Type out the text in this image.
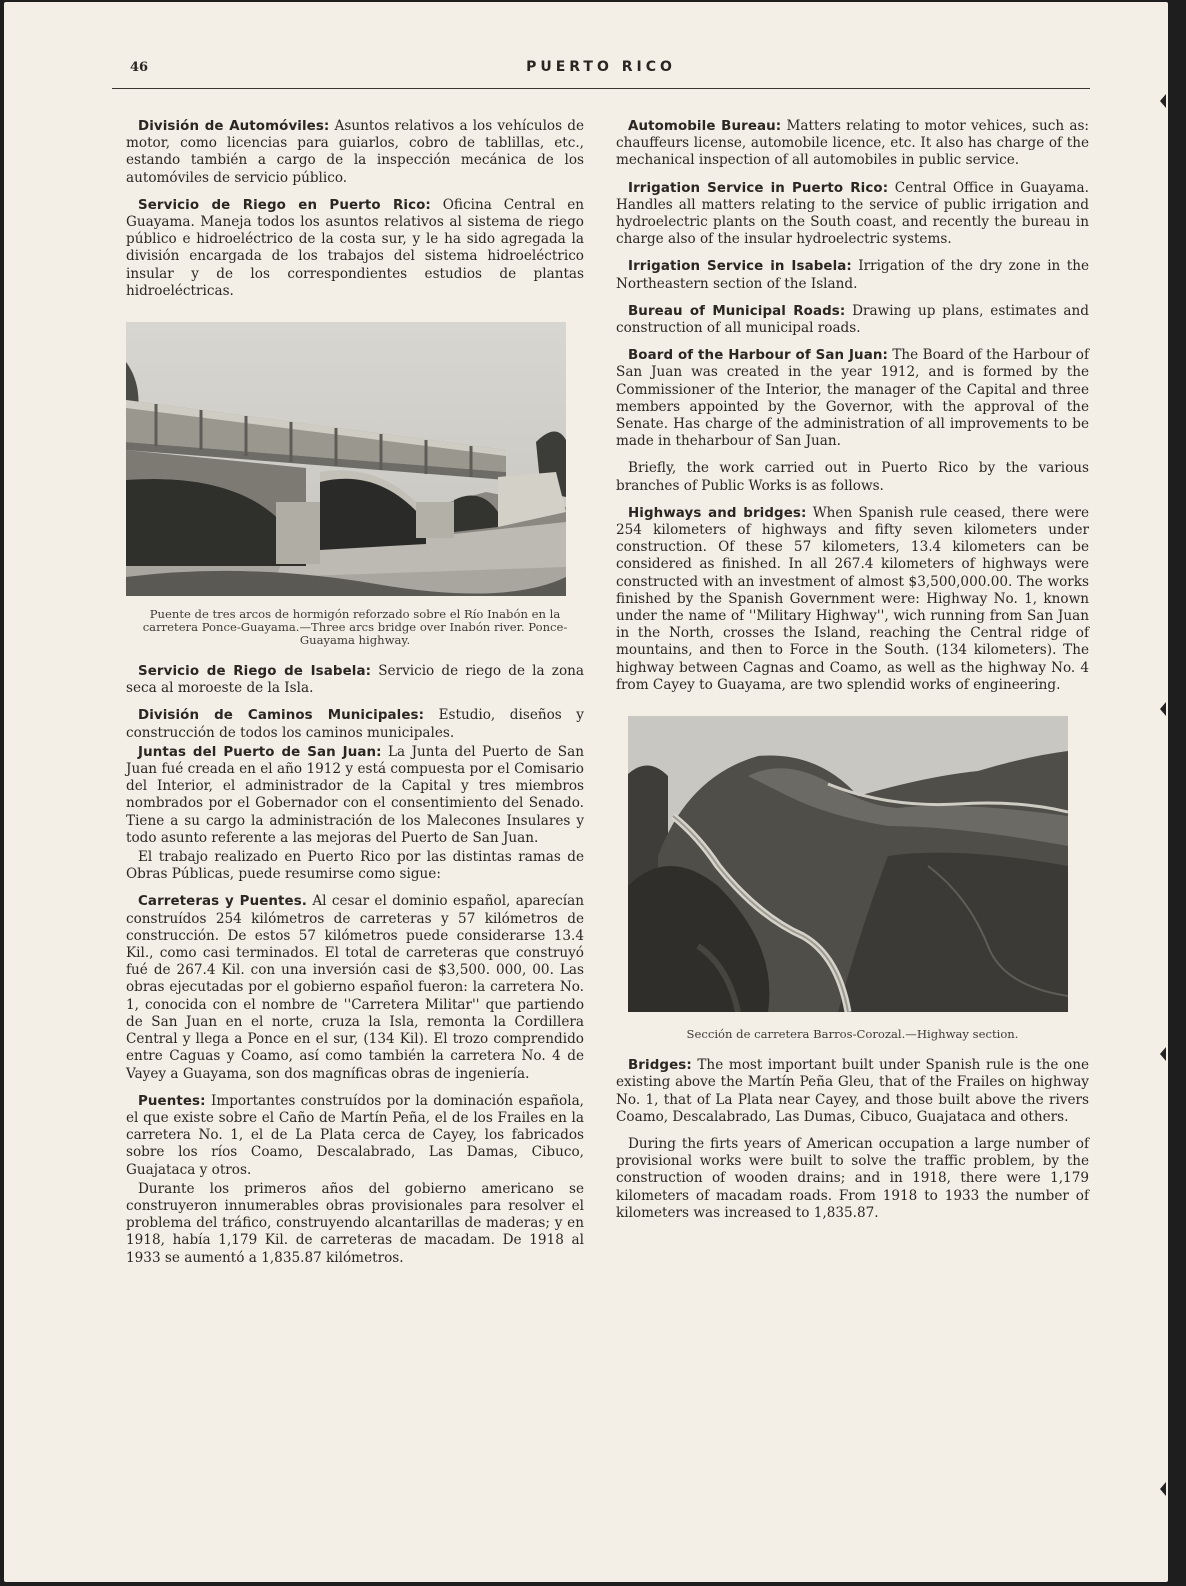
46	PUERTO RICO

División de Automóviles: Asuntos relativos a los vehículos de motor, como licencias para guiarlos, cobro de tablillas, etc., estando también a cargo de la inspección mecánica de los automóviles de servicio público.

Servicio de Riego en Puerto Rico: Oficina Central en Guayama. Maneja todos los asuntos relativos al sistema de riego público e hidroeléctrico de la costa sur, y le ha sido agregada la división encargada de los trabajos del sistema hidroeléctrico insular y de los correspondientes estudios de plantas hidroeléctricas.

Puente de tres arcos de hormigón reforzado sobre el Río Inabón en la carretera Ponce-Guayama.—Three arcs bridge over Inabón river. Ponce-Guayama highway.

Servicio de Riego de Isabela: Servicio de riego de la zona seca al moroeste de la Isla.

División de Caminos Municipales: Estudio, diseños y construcción de todos los caminos municipales.

Juntas del Puerto de San Juan: La Junta del Puerto de San Juan fué creada en el año 1912 y está compuesta por el Comisario del Interior, el administrador de la Capital y tres miembros nombrados por el Gobernador con el consentimiento del Senado. Tiene a su cargo la administración de los Malecones Insulares y todo asunto referente a las mejoras del Puerto de San Juan.

El trabajo realizado en Puerto Rico por las distintas ramas de Obras Públicas, puede resumirse como sigue:

Carreteras y Puentes. Al cesar el dominio español, aparecían construídos 254 kilómetros de carreteras y 57 kilómetros de construcción. De estos 57 kilómetros puede considerarse 13.4 Kil., como casi terminados. El total de carreteras que construyó fué de 267.4 Kil. con una inversión casi de $3,500. 000, 00. Las obras ejecutadas por el gobierno español fueron: la carretera No. 1, conocida con el nombre de ''Carretera Militar'' que partiendo de San Juan en el norte, cruza la Isla, remonta la Cordillera Central y llega a Ponce en el sur, (134 Kil). El trozo comprendido entre Caguas y Coamo, así como también la carretera No. 4 de Vayey a Guayama, son dos magníficas obras de ingeniería.

Puentes: Importantes construídos por la dominación española, el que existe sobre el Caño de Martín Peña, el de los Frailes en la carretera No. 1, el de La Plata cerca de Cayey, los fabricados sobre los ríos Coamo, Descalabrado, Las Damas, Cibuco, Guajataca y otros.

Durante los primeros años del gobierno americano se construyeron innumerables obras provisionales para resolver el problema del tráfico, construyendo alcantarillas de maderas; y en 1918, había 1,179 Kil. de carreteras de macadam. De 1918 al 1933 se aumentó a 1,835.87 kilómetros.

Automobile Bureau: Matters relating to motor vehices, such as: chauffeurs license, automobile licence, etc. It also has charge of the mechanical inspection of all automobiles in public service.

Irrigation Service in Puerto Rico: Central Office in Guayama. Handles all matters relating to the service of public irrigation and hydroelectric plants on the South coast, and recently the bureau in charge also of the insular hydroelectric systems.

Irrigation Service in Isabela: Irrigation of the dry zone in the Northeastern section of the Island.

Bureau of Municipal Roads: Drawing up plans, estimates and construction of all municipal roads.

Board of the Harbour of San Juan: The Board of the Harbour of San Juan was created in the year 1912, and is formed by the Commissioner of the Interior, the manager of the Capital and three members appointed by the Governor, with the approval of the Senate. Has charge of the administration of all improvements to be made in theharbour of San Juan.

Briefly, the work carried out in Puerto Rico by the various branches of Public Works is as follows.

Highways and bridges: When Spanish rule ceased, there were 254 kilometers of highways and fifty seven kilometers under construction. Of these 57 kilometers, 13.4 kilometers can be considered as finished. In all 267.4 kilometers of highways were constructed with an investment of almost $3,500,000.00. The works finished by the Spanish Government were: Highway No. 1, known under the name of ''Military Highway'', wich running from San Juan in the North, crosses the Island, reaching the Central ridge of mountains, and then to Force in the South. (134 kilometers). The highway between Cagnas and Coamo, as well as the highway No. 4 from Cayey to Guayama, are two splendid works of engineering.

Sección de carretera Barros-Corozal.—Highway section.

Bridges: The most important built under Spanish rule is the one existing above the Martín Peña Gleu, that of the Frailes on highway No. 1, that of La Plata near Cayey, and those built above the rivers Coamo, Descalabrado, Las Dumas, Cibuco, Guajataca and others.

During the firts years of American occupation a large number of provisional works were built to solve the traffic problem, by the construction of wooden drains; and in 1918, there were 1,179 kilometers of macadam roads. From 1918 to 1933 the number of kilometers was increased to 1,835.87.
